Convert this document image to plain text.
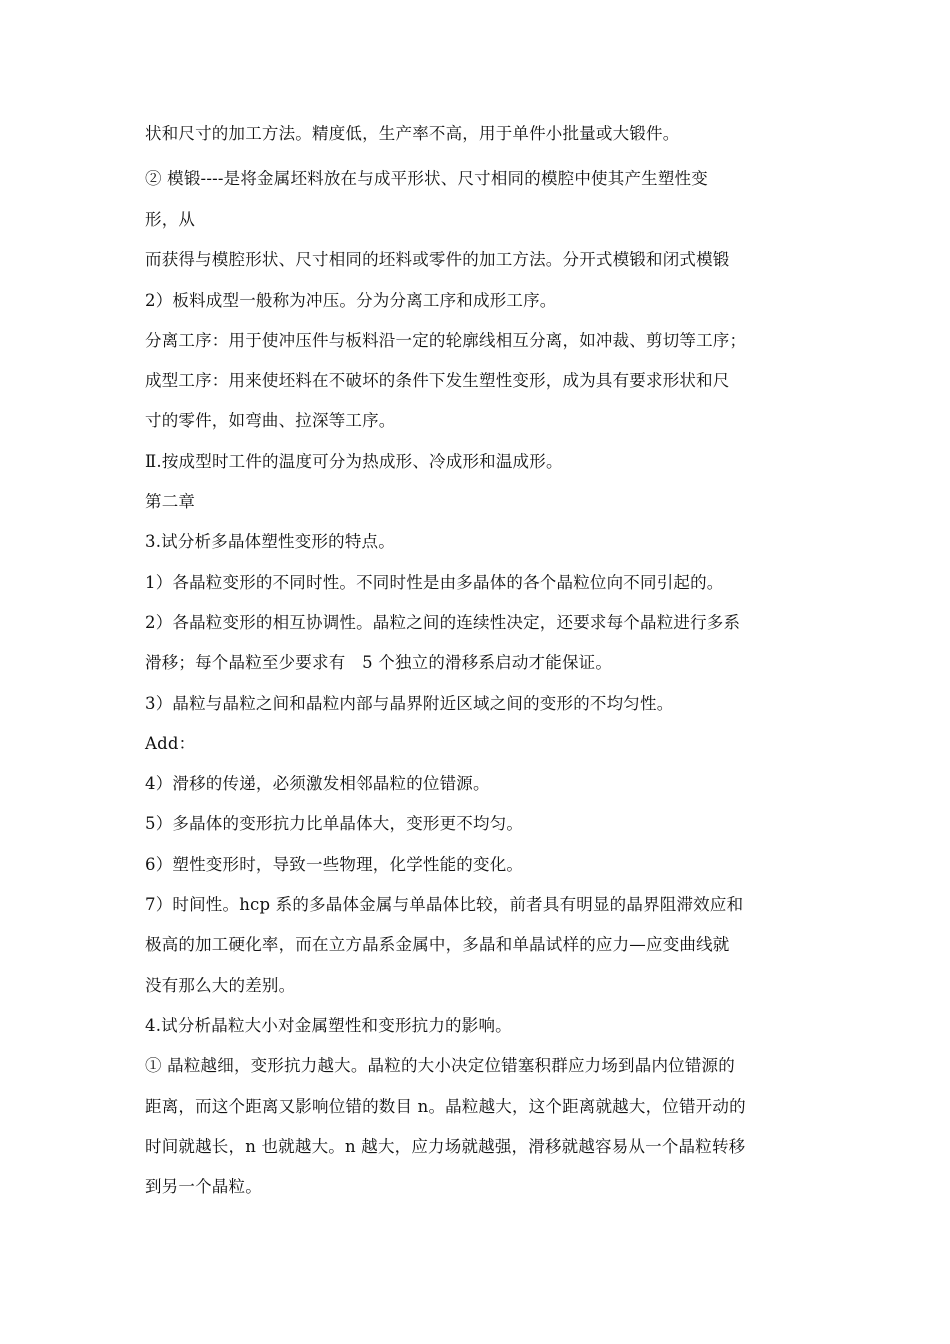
状和尺寸的加工方法。精度低，生产率不高，用于单件小批量或大锻件。
② 模锻----是将金属坯料放在与成平形状、尺寸相同的模腔中使其产生塑性变
形，从
而获得与模腔形状、尺寸相同的坯料或零件的加工方法。分开式模锻和闭式模锻
2）板料成型一般称为冲压。分为分离工序和成形工序。
分离工序：用于使冲压件与板料沿一定的轮廓线相互分离，如冲裁、剪切等工序；
成型工序：用来使坯料在不破坏的条件下发生塑性变形，成为具有要求形状和尺
寸的零件，如弯曲、拉深等工序。
Ⅱ.按成型时工件的温度可分为热成形、冷成形和温成形。
第二章
3.试分析多晶体塑性变形的特点。
1）各晶粒变形的不同时性。不同时性是由多晶体的各个晶粒位向不同引起的。
2）各晶粒变形的相互协调性。晶粒之间的连续性决定，还要求每个晶粒进行多系
滑移；每个晶粒至少要求有　5 个独立的滑移系启动才能保证。
3）晶粒与晶粒之间和晶粒内部与晶界附近区域之间的变形的不均匀性。
Add：
4）滑移的传递，必须激发相邻晶粒的位错源。
5）多晶体的变形抗力比单晶体大，变形更不均匀。
6）塑性变形时，导致一些物理，化学性能的变化。
7）时间性。hcp 系的多晶体金属与单晶体比较，前者具有明显的晶界阻滞效应和
极高的加工硬化率，而在立方晶系金属中，多晶和单晶试样的应力—应变曲线就
没有那么大的差别。
4.试分析晶粒大小对金属塑性和变形抗力的影响。
① 晶粒越细，变形抗力越大。晶粒的大小决定位错塞积群应力场到晶内位错源的
距离，而这个距离又影响位错的数目 n。晶粒越大，这个距离就越大，位错开动的
时间就越长，n 也就越大。n 越大，应力场就越强，滑移就越容易从一个晶粒转移
到另一个晶粒。
